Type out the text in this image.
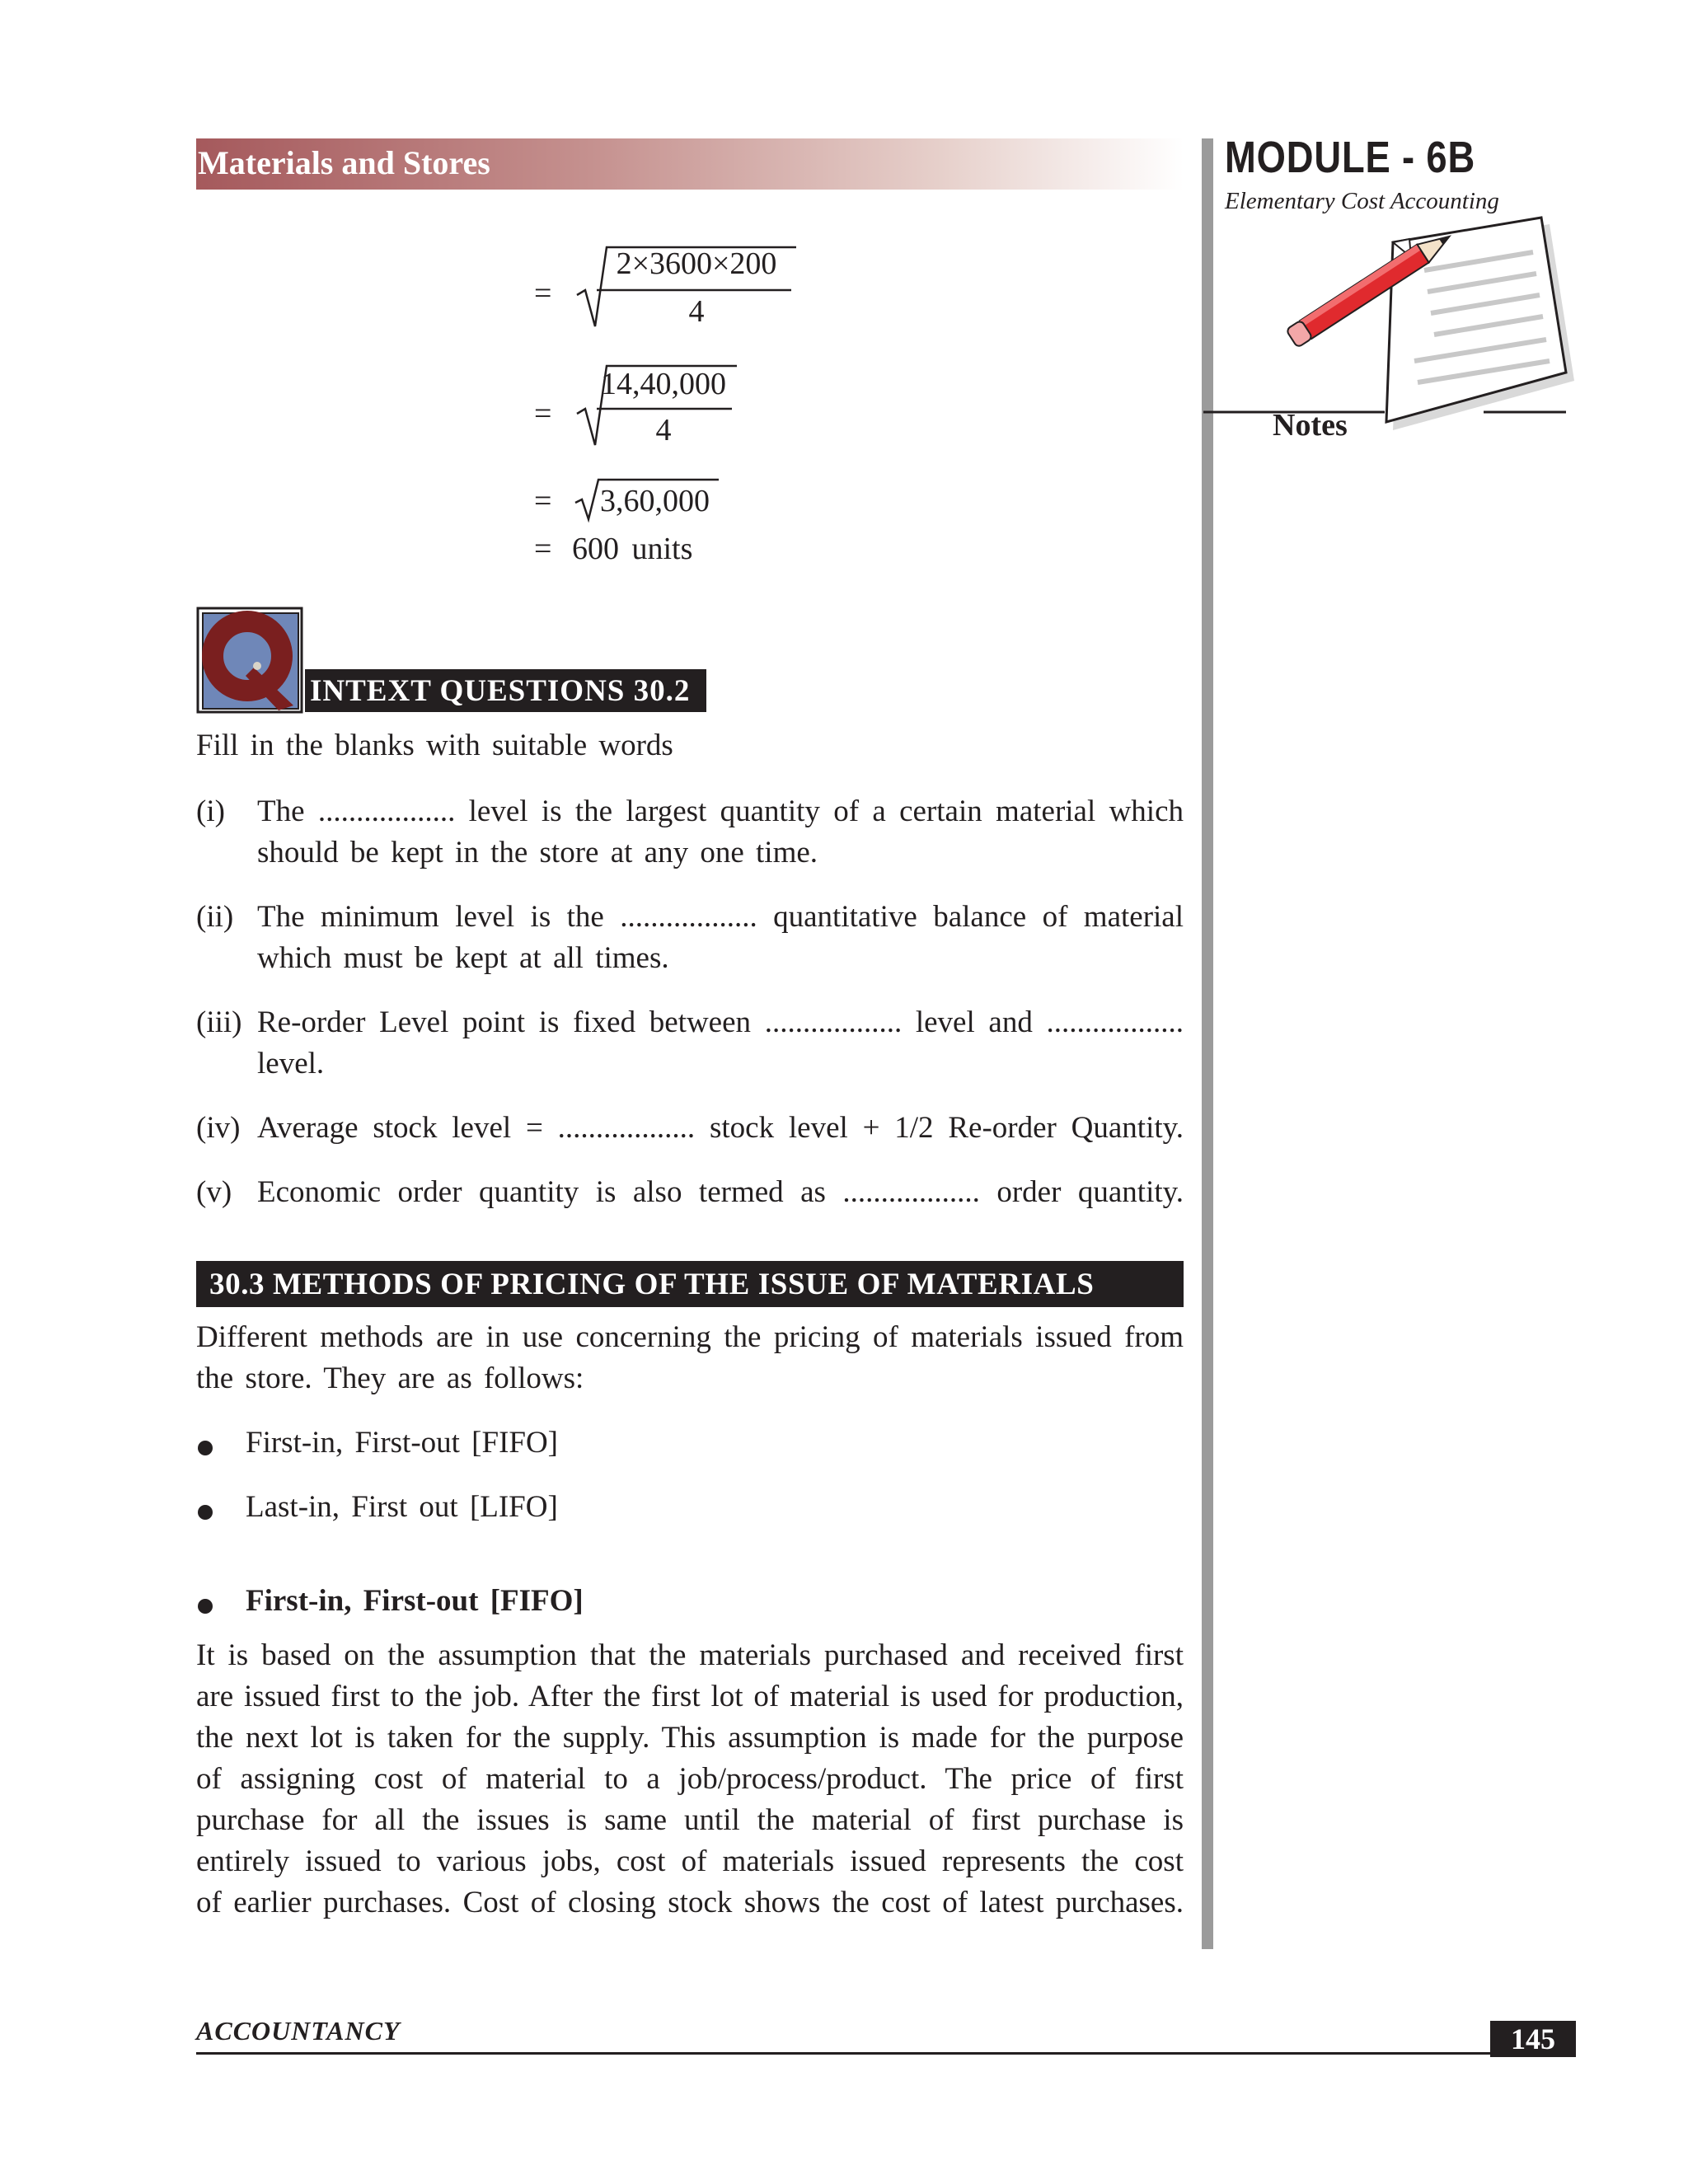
Materials and Stores	MODULE - 6B
Elementary Cost Accounting
Notes
=
2×3600×200
4
=
14,40,000
4
= 3,60,000
= 600 units
INTEXT QUESTIONS 30.2
Fill in the blanks with suitable words
(i) The .................. level is the largest quantity of a certain material which
should be kept in the store at any one time.
(ii) The minimum level is the .................. quantitative balance of material
which must be kept at all times.
(iii) Re-order Level point is fixed between .................. level and ..................
level.
(iv) Average stock level = .................. stock level + 1/2 Re-order Quantity.
(v) Economic order quantity is also termed as .................. order quantity.
30.3 METHODS OF PRICING OF THE ISSUE OF MATERIALS
Different methods are in use concerning the pricing of materials issued from
the store. They are as follows:
First-in, First-out [FIFO]
Last-in, First out [LIFO]
First-in, First-out [FIFO]
It is based on the assumption that the materials purchased and received first
are issued first to the job. After the first lot of material is used for production,
the next lot is taken for the supply. This assumption is made for the purpose
of assigning cost of material to a job/process/product. The price of first
purchase for all the issues is same until the material of first purchase is
entirely issued to various jobs, cost of materials issued represents the cost
of earlier purchases. Cost of closing stock shows the cost of latest purchases.
ACCOUNTANCY	145
